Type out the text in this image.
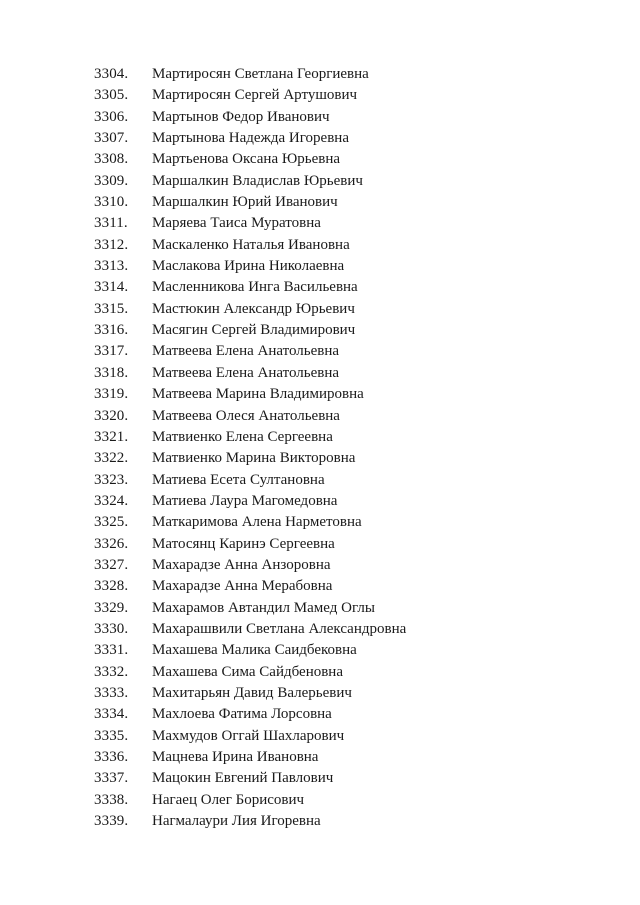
3304.	Мартиросян Светлана Георгиевна
3305.	Мартиросян Сергей Артушович
3306.	Мартынов Федор Иванович
3307.	Мартынова Надежда Игоревна
3308.	Мартьенова Оксана Юрьевна
3309.	Маршалкин Владислав Юрьевич
3310.	Маршалкин Юрий Иванович
3311.	Маряева Таиса Муратовна
3312.	Маскаленко Наталья Ивановна
3313.	Маслакова Ирина Николаевна
3314.	Масленникова Инга Васильевна
3315.	Мастюкин Александр Юрьевич
3316.	Масягин Сергей Владимирович
3317.	Матвеева Елена Анатольевна
3318.	Матвеева Елена Анатольевна
3319.	Матвеева Марина Владимировна
3320.	Матвеева Олеся Анатольевна
3321.	Матвиенко Елена Сергеевна
3322.	Матвиенко Марина Викторовна
3323.	Матиева Есета Султановна
3324.	Матиева Лаура Магомедовна
3325.	Маткаримова Алена Нарметовна
3326.	Матосянц Каринэ Сергеевна
3327.	Махарадзе Анна Анзоровна
3328.	Махарадзе Анна Мерабовна
3329.	Махарамов Автандил Мамед Оглы
3330.	Махарашвили Светлана Александровна
3331.	Махашева Малика Саидбековна
3332.	Махашева Сима Сайдбеновна
3333.	Махитарьян Давид Валерьевич
3334.	Махлоева Фатима Лорсовна
3335.	Махмудов Оггай Шахларович
3336.	Мацнева Ирина Ивановна
3337.	Мацокин Евгений Павлович
3338.	Нагаец Олег Борисович
3339.	Нагмалаури Лия Игоревна
